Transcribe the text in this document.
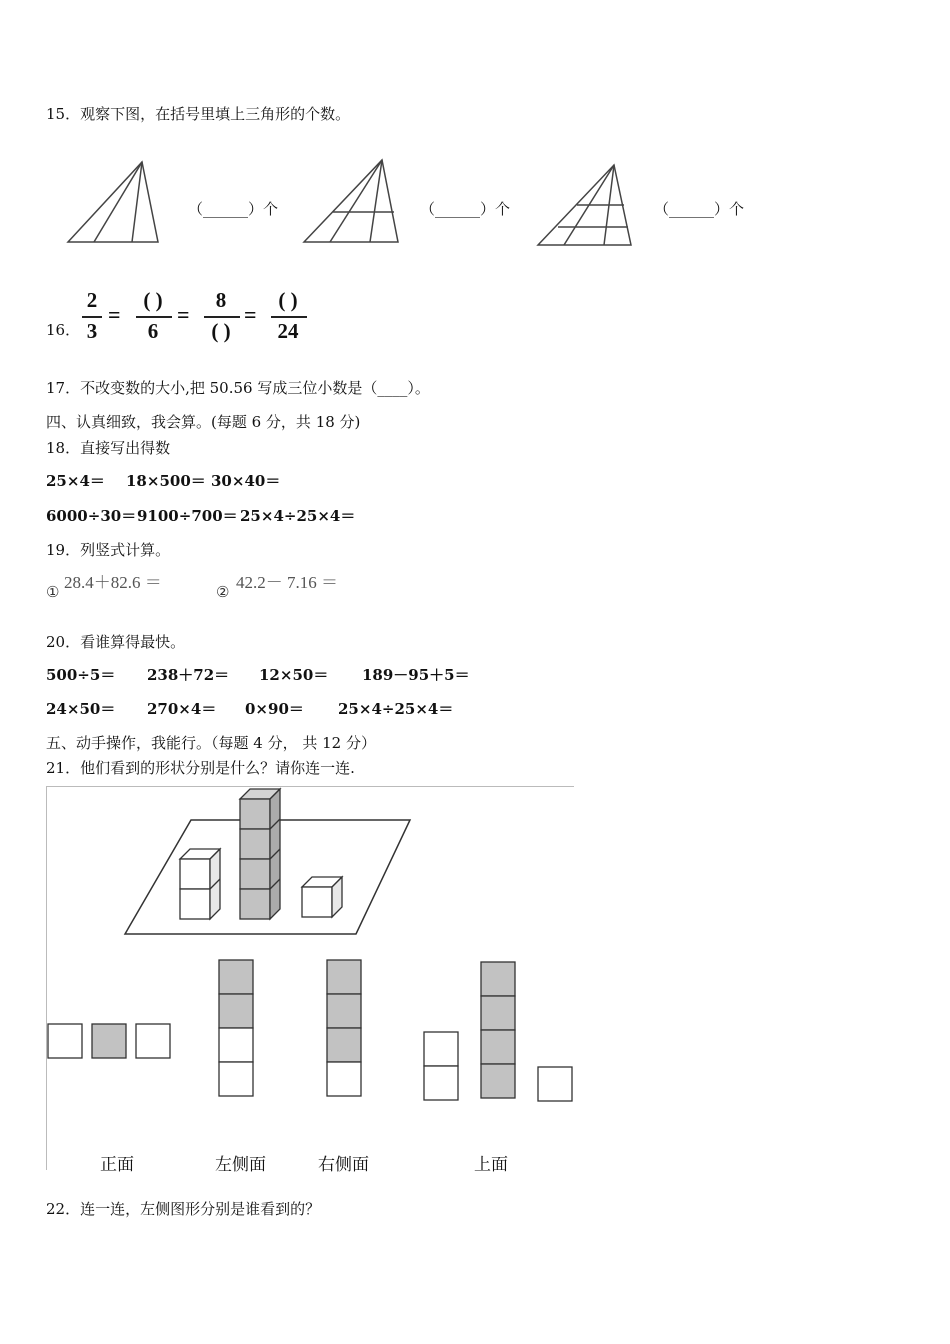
15．观察下图，在括号里填上三角形的个数。
（______）个	（______）个	（______）个
16．
2
3
=
( )
6
=
8
( )
=
( )
24
17．不改变数的大小,把 50.56 写成三位小数是（____）。
四、认真细致，我会算。(每题 6 分，共 18 分)
18．直接写出得数
25×4＝ 18×500＝ 30×40＝
6000÷30＝ 9100÷700＝ 25×4÷25×4＝
19．列竖式计算。
① 28.4＋82.6 ＝	② 42.2－ 7.16 ＝
20．看谁算得最快。
500÷5＝ 238＋72＝ 12×50＝ 189－95＋5＝
24×50＝ 270×4＝ 0×90＝ 25×4÷25×4＝
五、动手操作，我能行。（每题 4 分， 共 12 分）
21．他们看到的形状分别是什么？请你连一连.
正面	左侧面	右侧面	上面
22．连一连，左侧图形分别是谁看到的？
